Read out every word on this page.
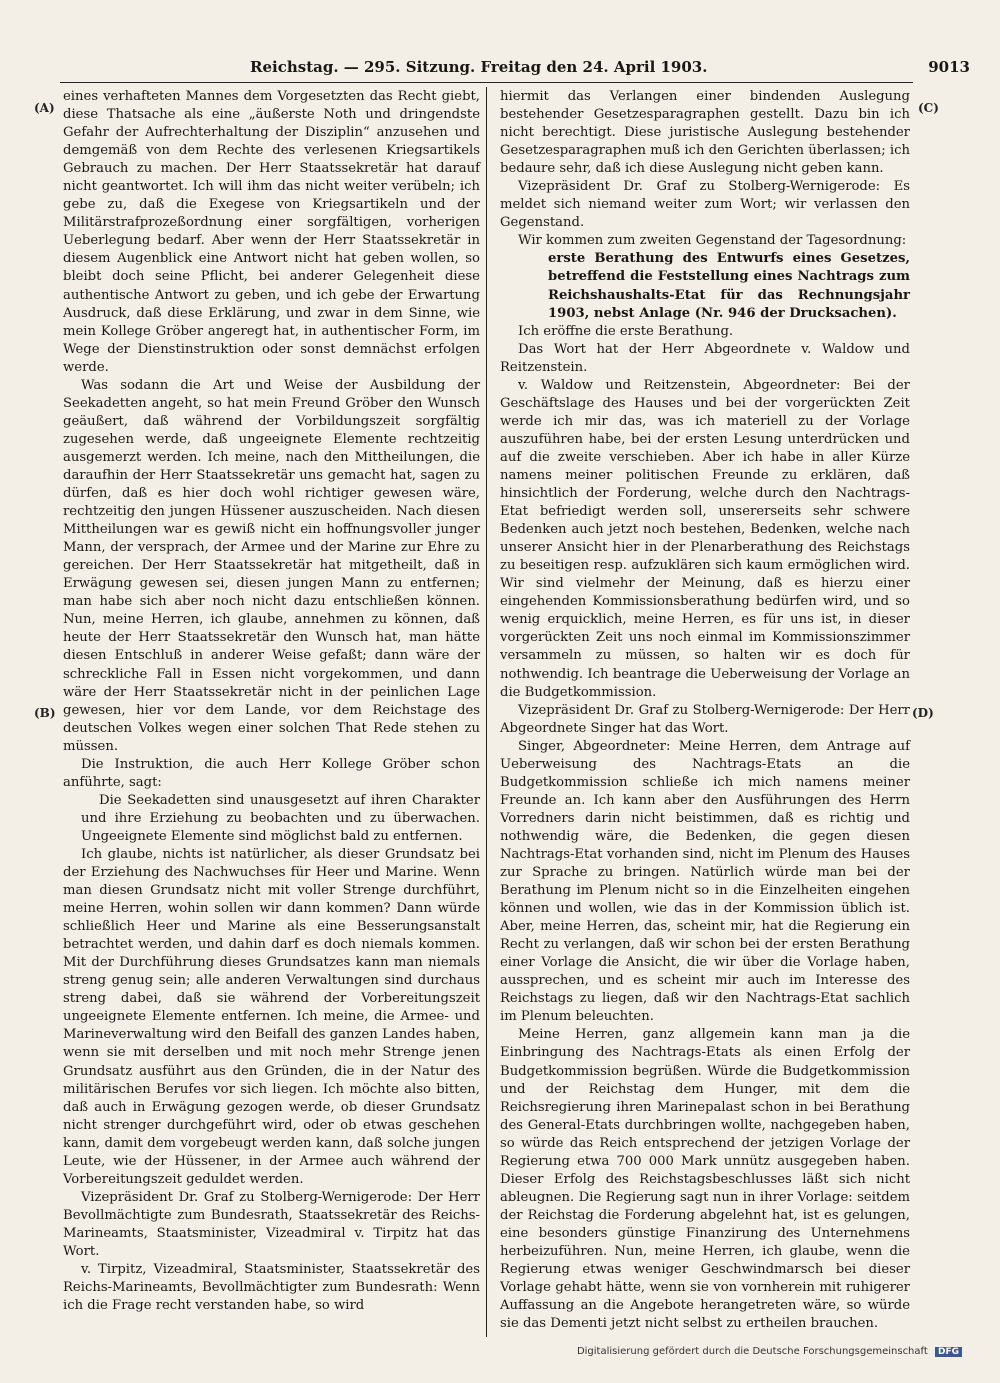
Reichstag. — 295. Sitzung. Freitag den 24. April 1903.	9013
(A)
(B)
(C)
(D)

eines verhafteten Mannes dem Vorgesetzten das Recht giebt, diese Thatsache als eine „äußerste Noth und dringendste Gefahr der Aufrechterhaltung der Disziplin“ anzusehen und demgemäß von dem Rechte des verlesenen Kriegsartikels Gebrauch zu machen. Der Herr Staatssekretär hat darauf nicht geantwortet. Ich will ihm das nicht weiter verübeln; ich gebe zu, daß die Exegese von Kriegsartikeln und der Militärstrafprozeßordnung einer sorgfältigen, vorherigen Ueberlegung bedarf. Aber wenn der Herr Staatssekretär in diesem Augenblick eine Antwort nicht hat geben wollen, so bleibt doch seine Pflicht, bei anderer Gelegenheit diese authentische Antwort zu geben, und ich gebe der Erwartung Ausdruck, daß diese Erklärung, und zwar in dem Sinne, wie mein Kollege Gröber angeregt hat, in authentischer Form, im Wege der Dienstinstruktion oder sonst demnächst erfolgen werde.

Was sodann die Art und Weise der Ausbildung der Seekadetten angeht, so hat mein Freund Gröber den Wunsch geäußert, daß während der Vorbildungszeit sorgfältig zugesehen werde, daß ungeeignete Elemente rechtzeitig ausgemerzt werden. Ich meine, nach den Mittheilungen, die daraufhin der Herr Staatssekretär uns gemacht hat, sagen zu dürfen, daß es hier doch wohl richtiger gewesen wäre, rechtzeitig den jungen Hüssener auszuscheiden. Nach diesen Mittheilungen war es gewiß nicht ein hoffnungsvoller junger Mann, der versprach, der Armee und der Marine zur Ehre zu gereichen. Der Herr Staatssekretär hat mitgetheilt, daß in Erwägung gewesen sei, diesen jungen Mann zu entfernen; man habe sich aber noch nicht dazu entschließen können. Nun, meine Herren, ich glaube, annehmen zu können, daß heute der Herr Staatssekretär den Wunsch hat, man hätte diesen Entschluß in anderer Weise gefaßt; dann wäre der schreckliche Fall in Essen nicht vorgekommen, und dann wäre der Herr Staatssekretär nicht in der peinlichen Lage gewesen, hier vor dem Lande, vor dem Reichstage des deutschen Volkes wegen einer solchen That Rede stehen zu müssen.

Die Instruktion, die auch Herr Kollege Gröber schon anführte, sagt:

Die Seekadetten sind unausgesetzt auf ihren Charakter und ihre Erziehung zu beobachten und zu überwachen. Ungeeignete Elemente sind möglichst bald zu entfernen.

Ich glaube, nichts ist natürlicher, als dieser Grundsatz bei der Erziehung des Nachwuchses für Heer und Marine. Wenn man diesen Grundsatz nicht mit voller Strenge durchführt, meine Herren, wohin sollen wir dann kommen? Dann würde schließlich Heer und Marine als eine Besserungsanstalt betrachtet werden, und dahin darf es doch niemals kommen. Mit der Durchführung dieses Grundsatzes kann man niemals streng genug sein; alle anderen Verwaltungen sind durchaus streng dabei, daß sie während der Vorbereitungszeit ungeeignete Elemente entfernen. Ich meine, die Armee- und Marineverwaltung wird den Beifall des ganzen Landes haben, wenn sie mit derselben und mit noch mehr Strenge jenen Grundsatz ausführt aus den Gründen, die in der Natur des militärischen Berufes vor sich liegen. Ich möchte also bitten, daß auch in Erwägung gezogen werde, ob dieser Grundsatz nicht strenger durchgeführt wird, oder ob etwas geschehen kann, damit dem vorgebeugt werden kann, daß solche jungen Leute, wie der Hüssener, in der Armee auch während der Vorbereitungszeit geduldet werden.

Vizepräsident Dr. Graf zu Stolberg-Wernigerode: Der Herr Bevollmächtigte zum Bundesrath, Staatssekretär des Reichs-Marineamts, Staatsminister, Vizeadmiral v. Tirpitz hat das Wort.

v. Tirpitz, Vizeadmiral, Staatsminister, Staatssekretär des Reichs-Marineamts, Bevollmächtigter zum Bundesrath: Wenn ich die Frage recht verstanden habe, so wird

hiermit das Verlangen einer bindenden Auslegung bestehender Gesetzesparagraphen gestellt. Dazu bin ich nicht berechtigt. Diese juristische Auslegung bestehender Gesetzesparagraphen muß ich den Gerichten überlassen; ich bedaure sehr, daß ich diese Auslegung nicht geben kann.

Vizepräsident Dr. Graf zu Stolberg-Wernigerode: Es meldet sich niemand weiter zum Wort; wir verlassen den Gegenstand.

Wir kommen zum zweiten Gegenstand der Tagesordnung:

erste Berathung des Entwurfs eines Gesetzes, betreffend die Feststellung eines Nachtrags zum Reichshaushalts-Etat für das Rechnungsjahr 1903, nebst Anlage (Nr. 946 der Drucksachen).

Ich eröffne die erste Berathung.

Das Wort hat der Herr Abgeordnete v. Waldow und Reitzenstein.

v. Waldow und Reitzenstein, Abgeordneter: Bei der Geschäftslage des Hauses und bei der vorgerückten Zeit werde ich mir das, was ich materiell zu der Vorlage auszuführen habe, bei der ersten Lesung unterdrücken und auf die zweite verschieben. Aber ich habe in aller Kürze namens meiner politischen Freunde zu erklären, daß hinsichtlich der Forderung, welche durch den Nachtrags-Etat befriedigt werden soll, unsererseits sehr schwere Bedenken auch jetzt noch bestehen, Bedenken, welche nach unserer Ansicht hier in der Plenarberathung des Reichstags zu beseitigen resp. aufzuklären sich kaum ermöglichen wird. Wir sind vielmehr der Meinung, daß es hierzu einer eingehenden Kommissionsberathung bedürfen wird, und so wenig erquicklich, meine Herren, es für uns ist, in dieser vorgerückten Zeit uns noch einmal im Kommissionszimmer versammeln zu müssen, so halten wir es doch für nothwendig. Ich beantrage die Ueberweisung der Vorlage an die Budgetkommission.

Vizepräsident Dr. Graf zu Stolberg-Wernigerode: Der Herr Abgeordnete Singer hat das Wort.

Singer, Abgeordneter: Meine Herren, dem Antrage auf Ueberweisung des Nachtrags-Etats an die Budgetkommission schließe ich mich namens meiner Freunde an. Ich kann aber den Ausführungen des Herrn Vorredners darin nicht beistimmen, daß es richtig und nothwendig wäre, die Bedenken, die gegen diesen Nachtrags-Etat vorhanden sind, nicht im Plenum des Hauses zur Sprache zu bringen. Natürlich würde man bei der Berathung im Plenum nicht so in die Einzelheiten eingehen können und wollen, wie das in der Kommission üblich ist. Aber, meine Herren, das, scheint mir, hat die Regierung ein Recht zu verlangen, daß wir schon bei der ersten Berathung einer Vorlage die Ansicht, die wir über die Vorlage haben, aussprechen, und es scheint mir auch im Interesse des Reichstags zu liegen, daß wir den Nachtrags-Etat sachlich im Plenum beleuchten.

Meine Herren, ganz allgemein kann man ja die Einbringung des Nachtrags-Etats als einen Erfolg der Budgetkommission begrüßen. Würde die Budgetkommission und der Reichstag dem Hunger, mit dem die Reichsregierung ihren Marinepalast schon in bei Berathung des General-Etats durchbringen wollte, nachgegeben haben, so würde das Reich entsprechend der jetzigen Vorlage der Regierung etwa 700 000 Mark unnütz ausgegeben haben. Dieser Erfolg des Reichstagsbeschlusses läßt sich nicht ableugnen. Die Regierung sagt nun in ihrer Vorlage: seitdem der Reichstag die Forderung abgelehnt hat, ist es gelungen, eine besonders günstige Finanzirung des Unternehmens herbeizuführen. Nun, meine Herren, ich glaube, wenn die Regierung etwas weniger Geschwindmarsch bei dieser Vorlage gehabt hätte, wenn sie von vornherein mit ruhigerer Auffassung an die Angebote herangetreten wäre, so würde sie das Dementi jetzt nicht selbst zu ertheilen brauchen.

Digitalisierung gefördert durch die Deutsche Forschungsgemeinschaft DFG
